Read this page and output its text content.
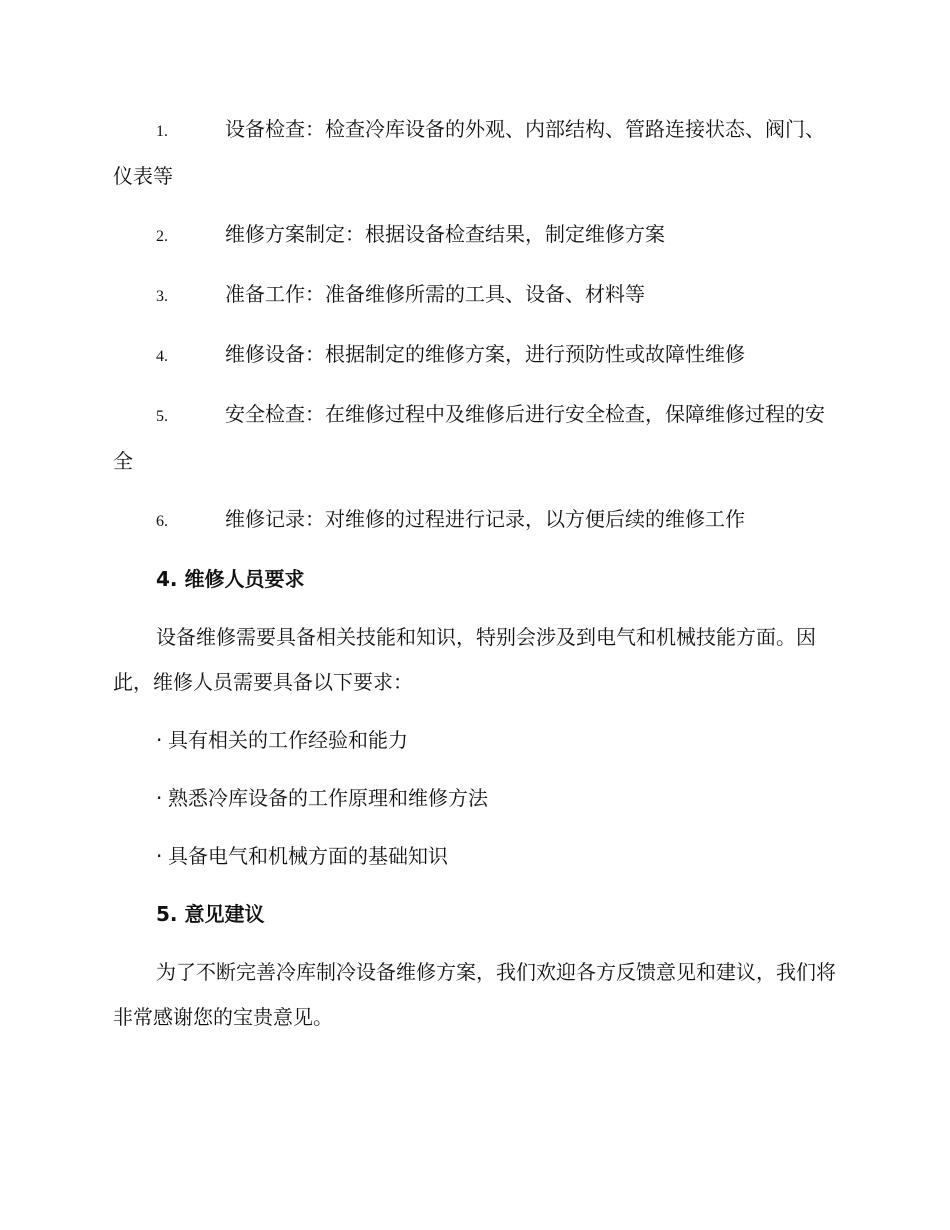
1.	设备检查：检查冷库设备的外观、内部结构、管路连接状态、阀门、仪表等
2.	维修方案制定：根据设备检查结果，制定维修方案
3.	准备工作：准备维修所需的工具、设备、材料等
4.	维修设备：根据制定的维修方案，进行预防性或故障性维修
5.	安全检查：在维修过程中及维修后进行安全检查，保障维修过程的安全
6.	维修记录：对维修的过程进行记录，以方便后续的维修工作
4. 维修人员要求
设备维修需要具备相关技能和知识，特别会涉及到电气和机械技能方面。因此，维修人员需要具备以下要求：
· 具有相关的工作经验和能力
· 熟悉冷库设备的工作原理和维修方法
· 具备电气和机械方面的基础知识
5. 意见建议
为了不断完善冷库制冷设备维修方案，我们欢迎各方反馈意见和建议，我们将非常感谢您的宝贵意见。
